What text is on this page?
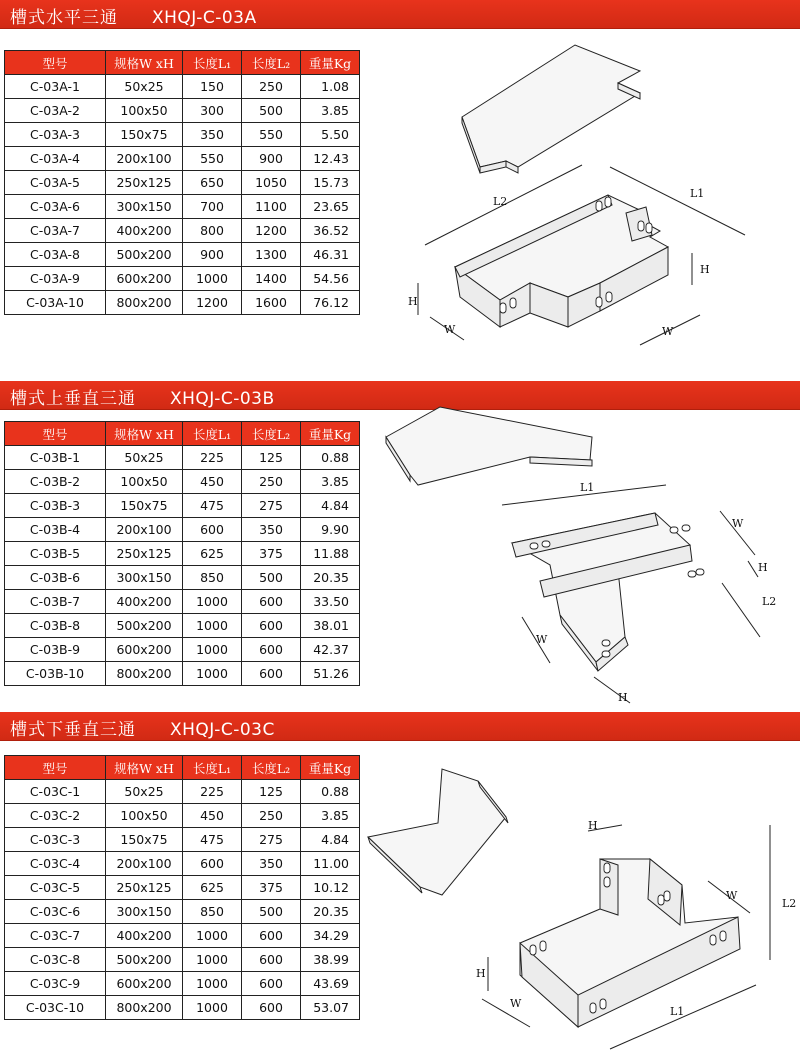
槽式水平三通 XHQJ-C-03A
型号	规格W xH	长度L₁	长度L₂	重量Kg
C-03A-1	50x25	150	250	1.08
C-03A-2	100x50	300	500	3.85
C-03A-3	150x75	350	550	5.50
C-03A-4	200x100	550	900	12.43
C-03A-5	250x125	650	1050	15.73
C-03A-6	300x150	700	1100	23.65
C-03A-7	400x200	800	1200	36.52
C-03A-8	500x200	900	1300	46.31
C-03A-9	600x200	1000	1400	54.56
C-03A-10	800x200	1200	1600	76.12
L2
L1
H
H
W	W
槽式上垂直三通 XHQJ-C-03B
型号	规格W xH	长度L₁	长度L₂	重量Kg
C-03B-1	50x25	225	125	0.88
C-03B-2	100x50	450	250	3.85
C-03B-3	150x75	475	275	4.84
C-03B-4	200x100	600	350	9.90
C-03B-5	250x125	625	375	11.88
C-03B-6	300x150	850	500	20.35
C-03B-7	400x200	1000	600	33.50
C-03B-8	500x200	1000	600	38.01
C-03B-9	600x200	1000	600	42.37
C-03B-10	800x200	1000	600	51.26
L1
W
H
L2
W
H
槽式下垂直三通 XHQJ-C-03C
型号	规格W xH	长度L₁	长度L₂	重量Kg
C-03C-1	50x25	225	125	0.88
C-03C-2	100x50	450	250	3.85
C-03C-3	150x75	475	275	4.84
C-03C-4	200x100	600	350	11.00
C-03C-5	250x125	625	375	10.12
C-03C-6	300x150	850	500	20.35
C-03C-7	400x200	1000	600	34.29
C-03C-8	500x200	1000	600	38.99
C-03C-9	600x200	1000	600	43.69
C-03C-10	800x200	1000	600	53.07
H
W
L2
H
W
L1
